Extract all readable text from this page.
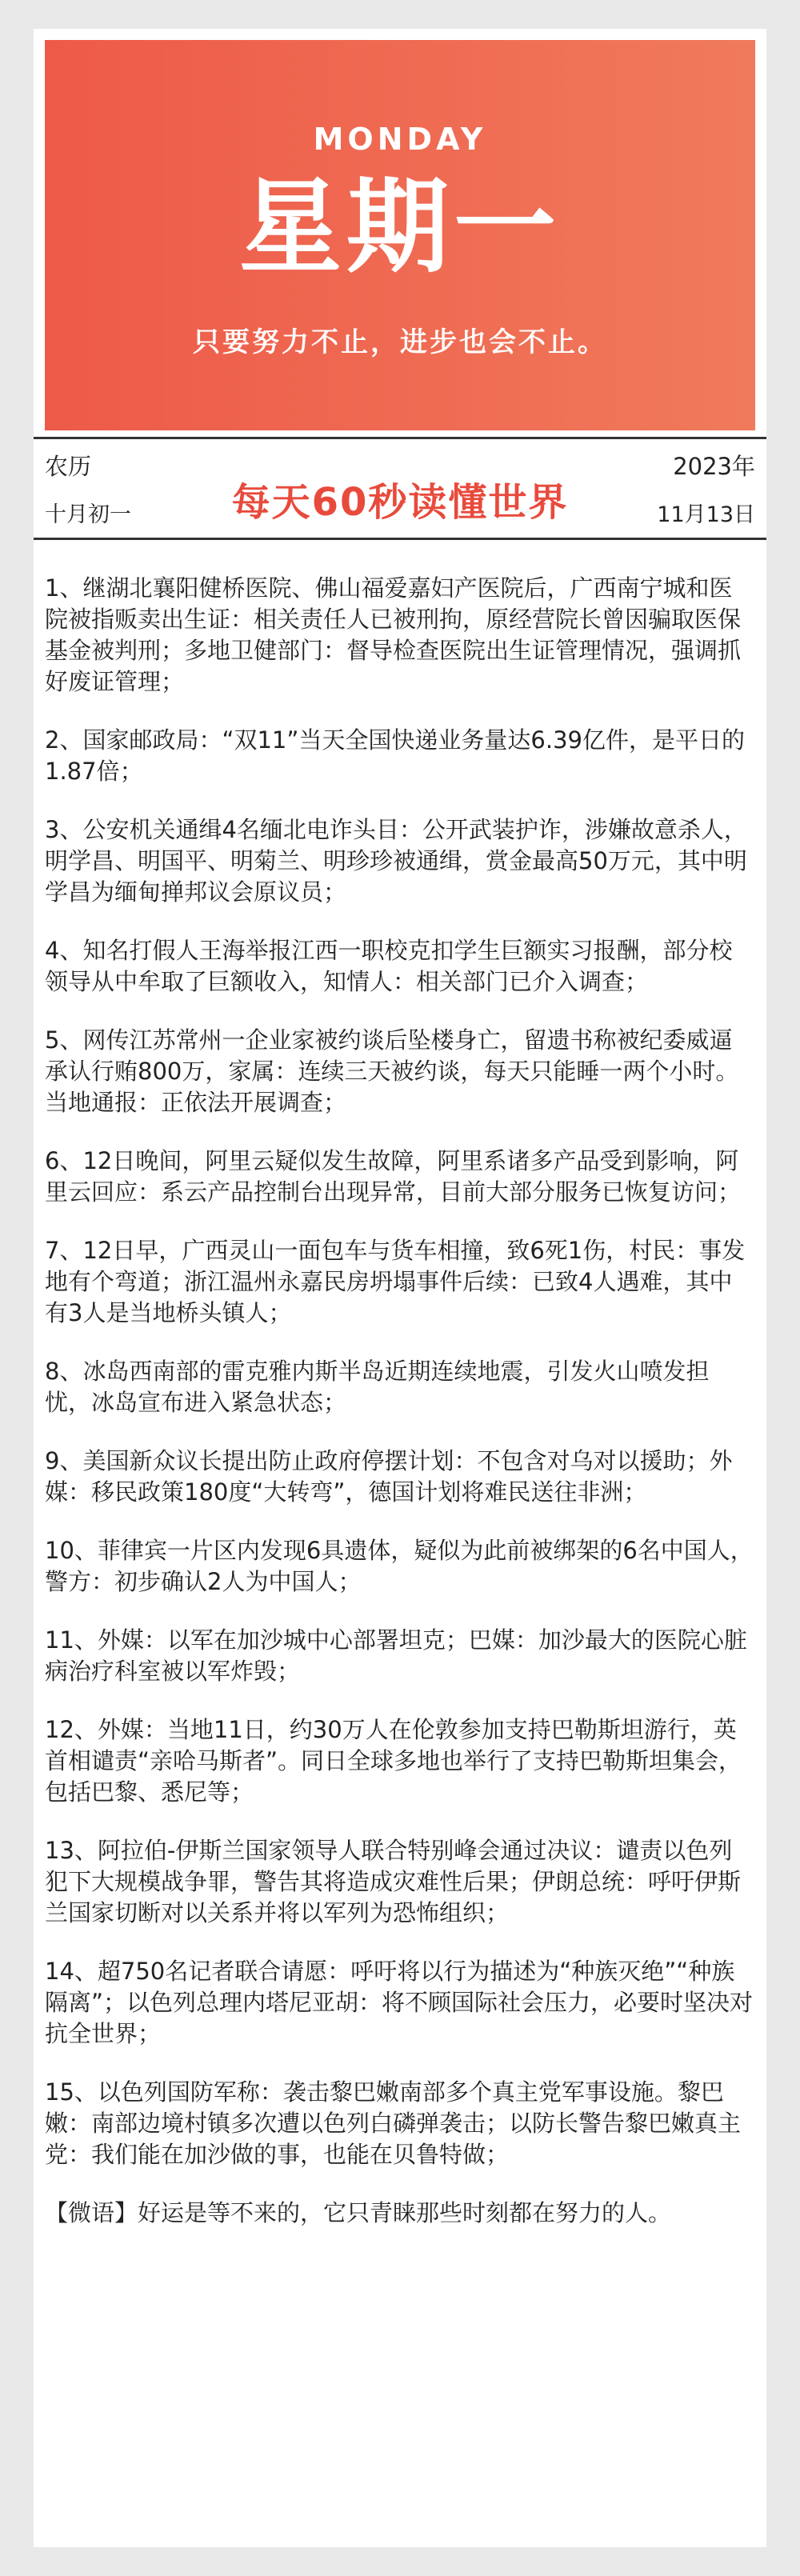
MONDAY
星期一
只要努力不止，进步也会不止。
农历
十月初一	每天60秒读懂世界
2023年
11月13日
1、继湖北襄阳健桥医院、佛山福爱嘉妇产医院后，广西南宁城和医院被指贩卖出生证：相关责任人已被刑拘，原经营院长曾因骗取医保基金被判刑；多地卫健部门：督导检查医院出生证管理情况，强调抓好废证管理；
2、国家邮政局：“双11”当天全国快递业务量达6.39亿件，是平日的1.87倍；
3、公安机关通缉4名缅北电诈头目：公开武装护诈，涉嫌故意杀人，明学昌、明国平、明菊兰、明珍珍被通缉，赏金最高50万元，其中明学昌为缅甸掸邦议会原议员；
4、知名打假人王海举报江西一职校克扣学生巨额实习报酬，部分校领导从中牟取了巨额收入，知情人：相关部门已介入调查；
5、网传江苏常州一企业家被约谈后坠楼身亡，留遗书称被纪委威逼承认行贿800万，家属：连续三天被约谈，每天只能睡一两个小时。当地通报：正依法开展调查；
6、12日晚间，阿里云疑似发生故障，阿里系诸多产品受到影响，阿里云回应：系云产品控制台出现异常，目前大部分服务已恢复访问；
7、12日早，广西灵山一面包车与货车相撞，致6死1伤，村民：事发地有个弯道；浙江温州永嘉民房坍塌事件后续：已致4人遇难，其中有3人是当地桥头镇人；
8、冰岛西南部的雷克雅内斯半岛近期连续地震，引发火山喷发担忧，冰岛宣布进入紧急状态；
9、美国新众议长提出防止政府停摆计划：不包含对乌对以援助；外媒：移民政策180度“大转弯”，德国计划将难民送往非洲；
10、菲律宾一片区内发现6具遗体，疑似为此前被绑架的6名中国人，警方：初步确认2人为中国人；
11、外媒：以军在加沙城中心部署坦克；巴媒：加沙最大的医院心脏病治疗科室被以军炸毁；
12、外媒：当地11日，约30万人在伦敦参加支持巴勒斯坦游行，英首相谴责“亲哈马斯者”。同日全球多地也举行了支持巴勒斯坦集会，包括巴黎、悉尼等；
13、阿拉伯-伊斯兰国家领导人联合特别峰会通过决议：谴责以色列犯下大规模战争罪，警告其将造成灾难性后果；伊朗总统：呼吁伊斯兰国家切断对以关系并将以军列为恐怖组织；
14、超750名记者联合请愿：呼吁将以行为描述为“种族灭绝”“种族隔离”；以色列总理内塔尼亚胡：将不顾国际社会压力，必要时坚决对抗全世界；
15、以色列国防军称：袭击黎巴嫩南部多个真主党军事设施。黎巴嫩：南部边境村镇多次遭以色列白磷弹袭击；以防长警告黎巴嫩真主党：我们能在加沙做的事，也能在贝鲁特做；
【微语】好运是等不来的，它只青睐那些时刻都在努力的人。
